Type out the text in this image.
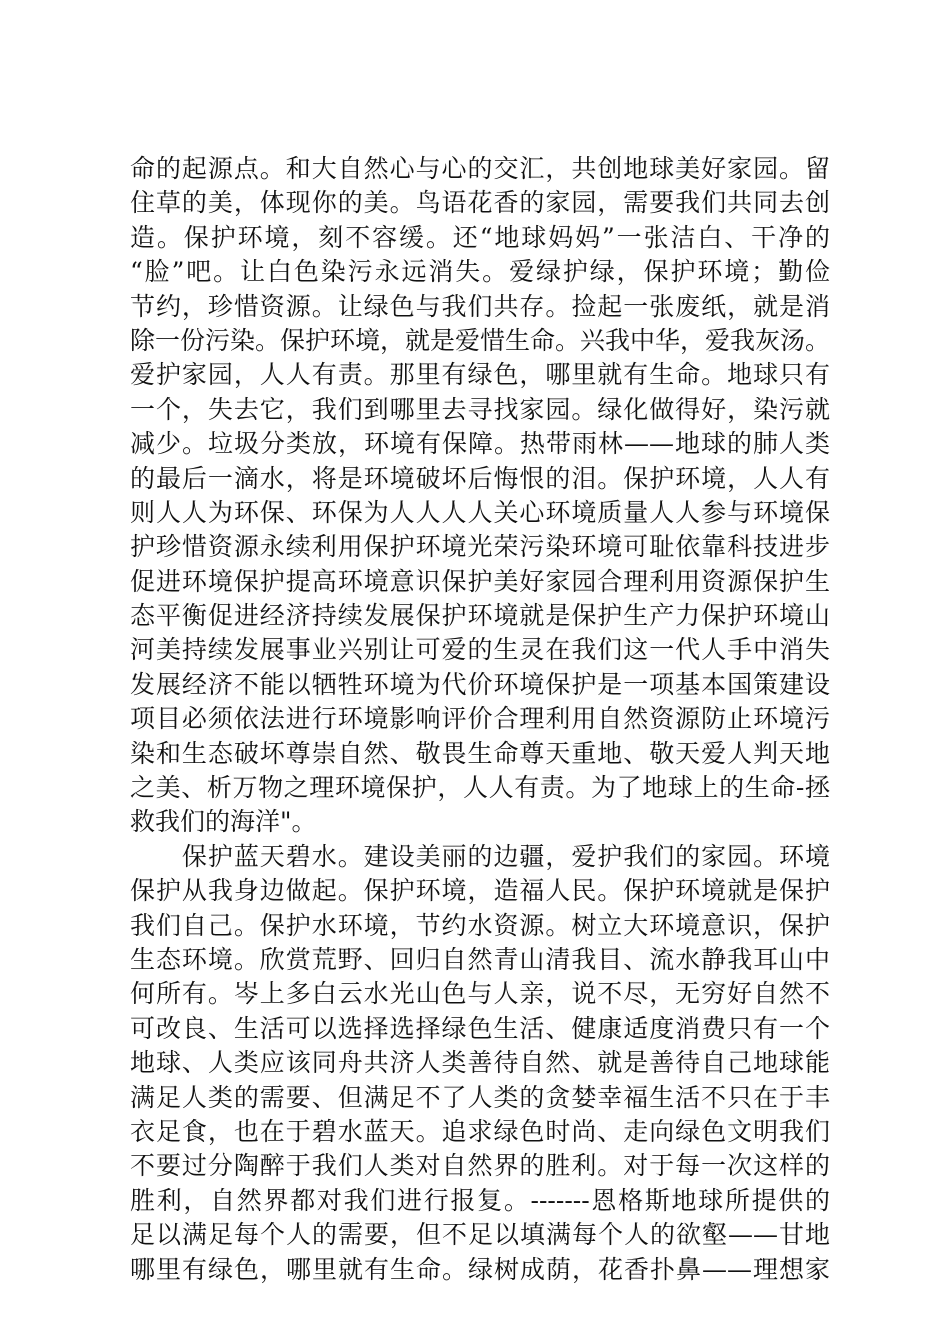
命的起源点。和大自然心与心的交汇，共创地球美好家园。留
住草的美，体现你的美。鸟语花香的家园，需要我们共同去创
造。保护环境，刻不容缓。还“地球妈妈”一张洁白、干净的
“脸”吧。让白色染污永远消失。爱绿护绿，保护环境；勤俭
节约，珍惜资源。让绿色与我们共存。捡起一张废纸，就是消
除一份污染。保护环境，就是爱惜生命。兴我中华，爱我灰汤。
爱护家园，人人有责。那里有绿色，哪里就有生命。地球只有
一个，失去它，我们到哪里去寻找家园。绿化做得好，染污就
减少。垃圾分类放，环境有保障。热带雨林——地球的肺人类
的最后一滴水，将是环境破坏后悔恨的泪。保护环境，人人有
则人人为环保、环保为人人人人关心环境质量人人参与环境保
护珍惜资源永续利用保护环境光荣污染环境可耻依靠科技进步
促进环境保护提高环境意识保护美好家园合理利用资源保护生
态平衡促进经济持续发展保护环境就是保护生产力保护环境山
河美持续发展事业兴别让可爱的生灵在我们这一代人手中消失
发展经济不能以牺牲环境为代价环境保护是一项基本国策建设
项目必须依法进行环境影响评价合理利用自然资源防止环境污
染和生态破坏尊崇自然、敬畏生命尊天重地、敬天爱人判天地
之美、析万物之理环境保护，人人有责。为了地球上的生命-拯
救我们的海洋"。
　　保护蓝天碧水。建设美丽的边疆，爱护我们的家园。环境
保护从我身边做起。保护环境，造福人民。保护环境就是保护
我们自己。保护水环境，节约水资源。树立大环境意识，保护
生态环境。欣赏荒野、回归自然青山清我目、流水静我耳山中
何所有。岑上多白云水光山色与人亲，说不尽，无穷好自然不
可改良、生活可以选择选择绿色生活、健康适度消费只有一个
地球、人类应该同舟共济人类善待自然、就是善待自己地球能
满足人类的需要、但满足不了人类的贪婪幸福生活不只在于丰
衣足食，也在于碧水蓝天。追求绿色时尚、走向绿色文明我们
不要过分陶醉于我们人类对自然界的胜利。对于每一次这样的
胜利，自然界都对我们进行报复。-------恩格斯地球所提供的
足以满足每个人的需要，但不足以填满每个人的欲壑——甘地
哪里有绿色，哪里就有生命。绿树成荫，花香扑鼻——理想家
